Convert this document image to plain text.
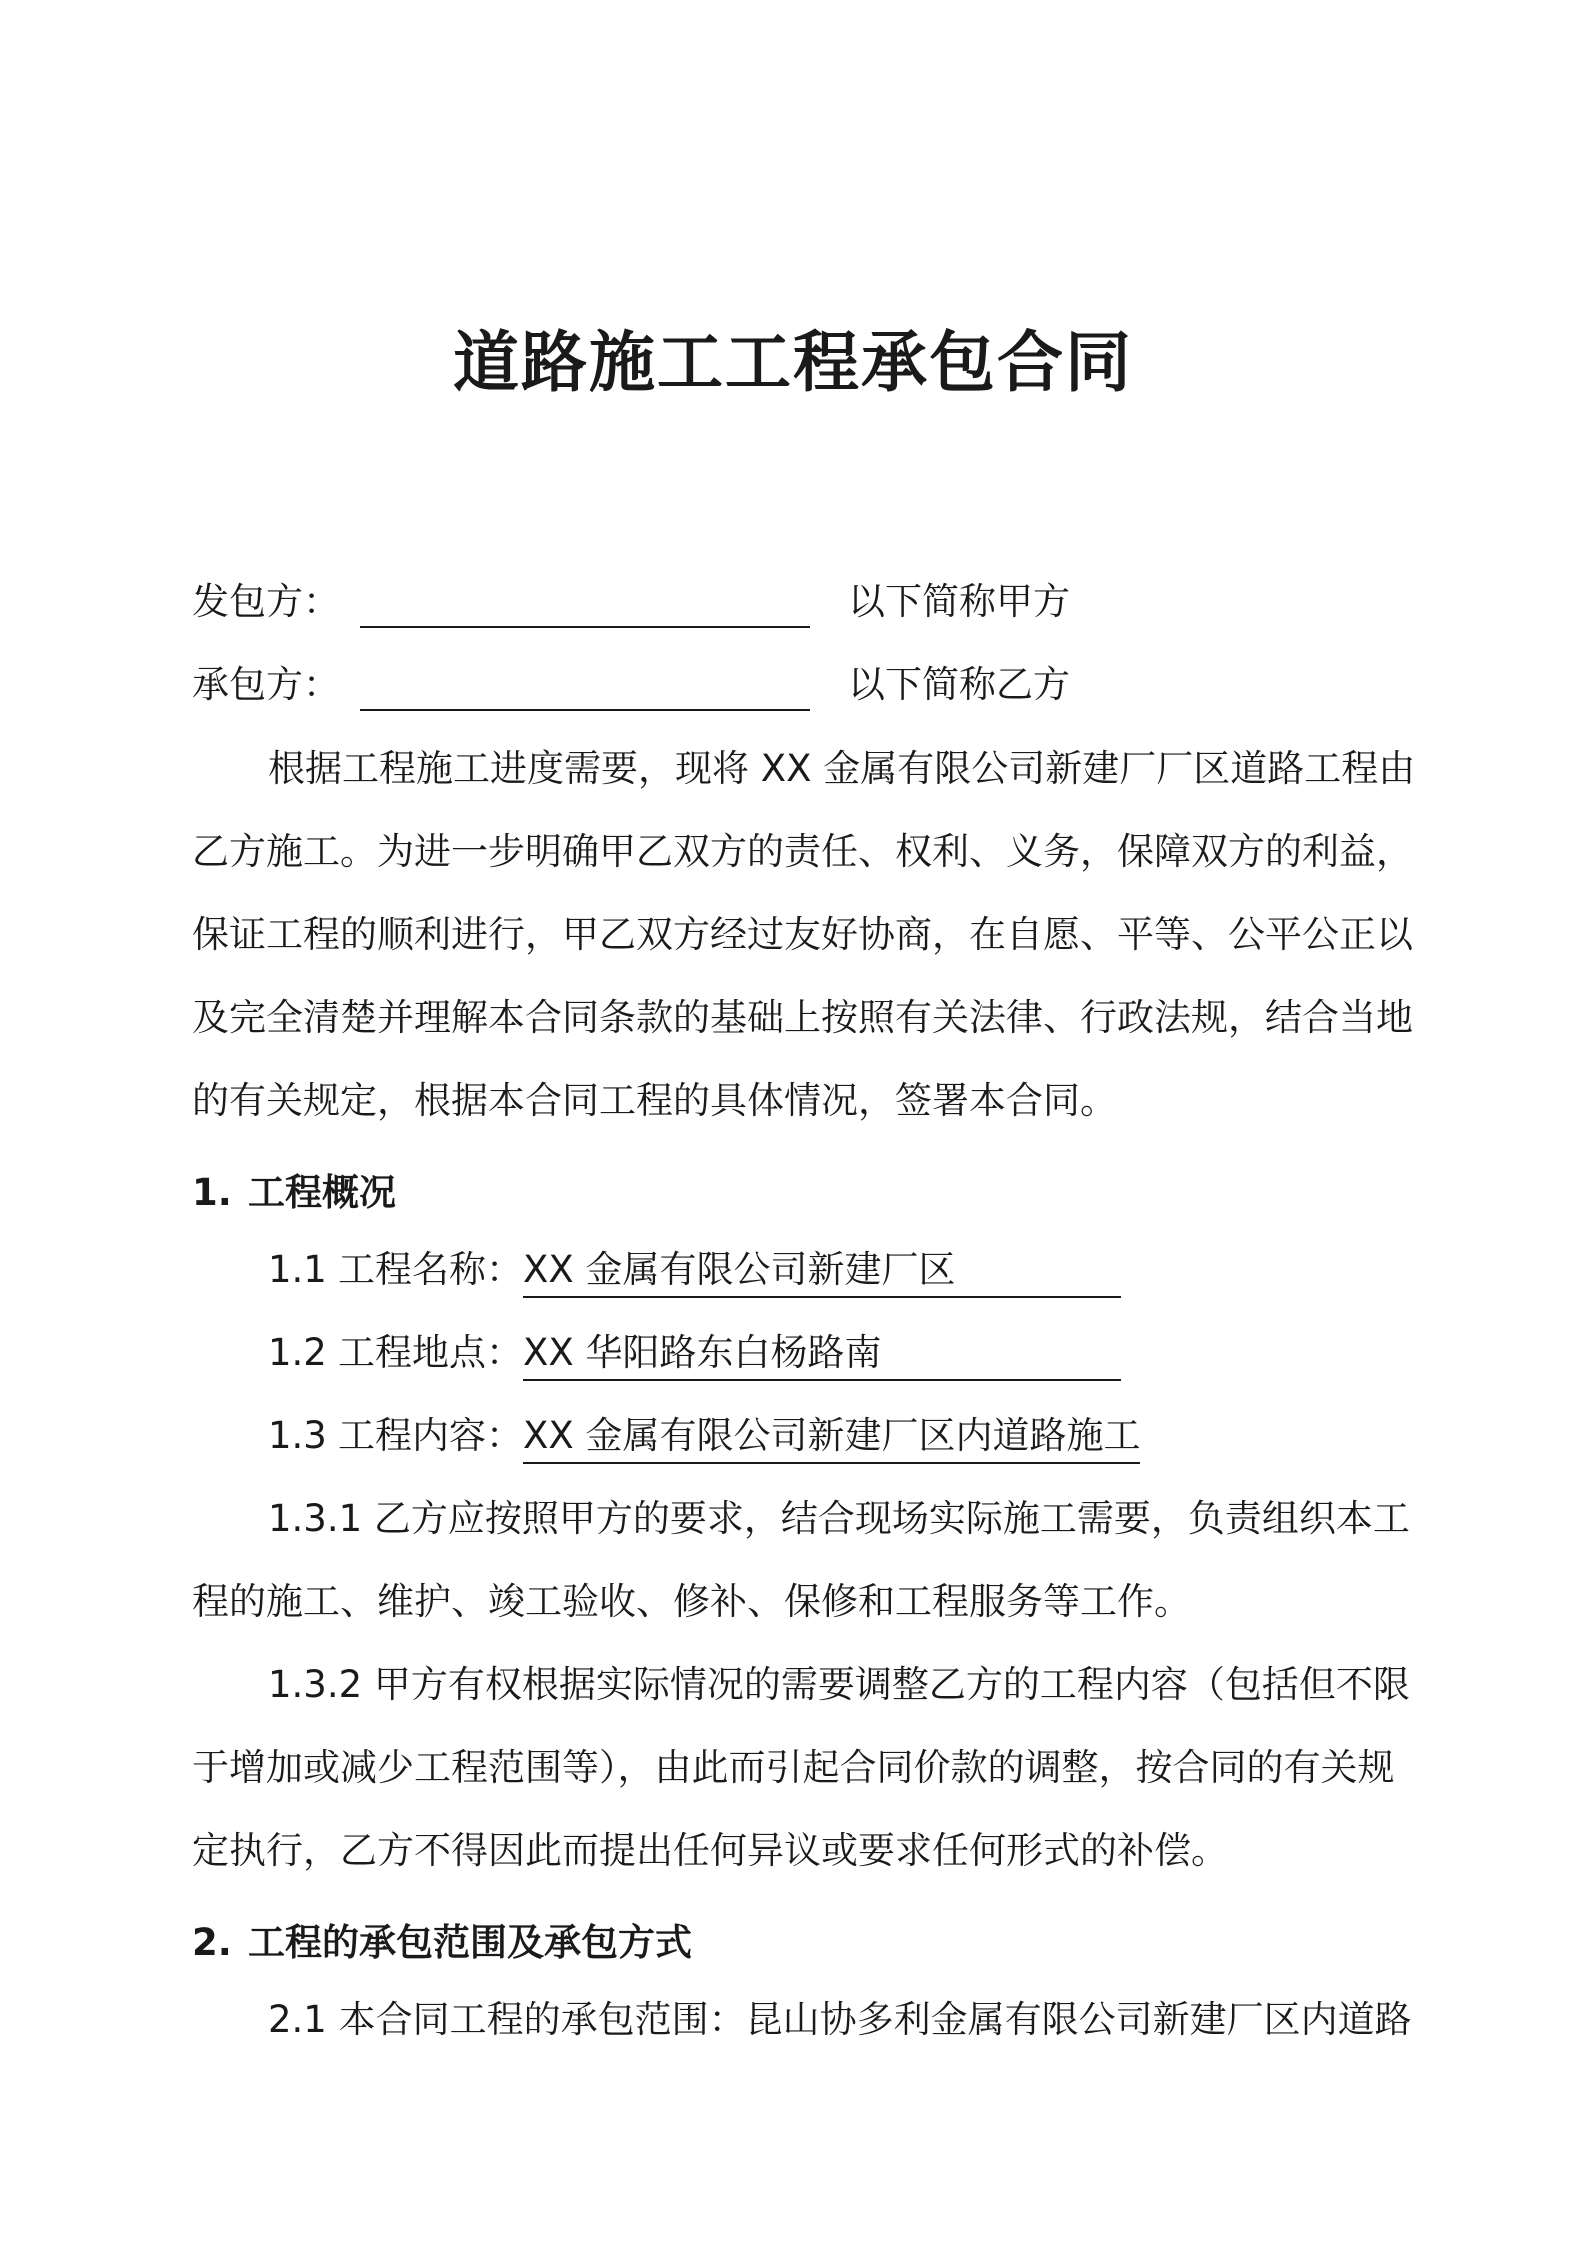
道路施工工程承包合同
发包方：	以下简称甲方
承包方：	以下简称乙方
根据工程施工进度需要，现将 XX 金属有限公司新建厂厂区道路工程由
乙方施工。为进一步明确甲乙双方的责任、权利、义务，保障双方的利益，
保证工程的顺利进行，甲乙双方经过友好协商，在自愿、平等、公平公正以
及完全清楚并理解本合同条款的基础上按照有关法律、行政法规，结合当地
的有关规定，根据本合同工程的具体情况，签署本合同。
1. 工程概况
1.1 工程名称：XX 金属有限公司新建厂区
1.2 工程地点：XX 华阳路东白杨路南
1.3 工程内容：XX 金属有限公司新建厂区内道路施工
1.3.1 乙方应按照甲方的要求，结合现场实际施工需要，负责组织本工
程的施工、维护、竣工验收、修补、保修和工程服务等工作。
1.3.2 甲方有权根据实际情况的需要调整乙方的工程内容（包括但不限
于增加或减少工程范围等），由此而引起合同价款的调整，按合同的有关规
定执行，乙方不得因此而提出任何异议或要求任何形式的补偿。
2. 工程的承包范围及承包方式
2.1 本合同工程的承包范围：昆山协多利金属有限公司新建厂区内道路
